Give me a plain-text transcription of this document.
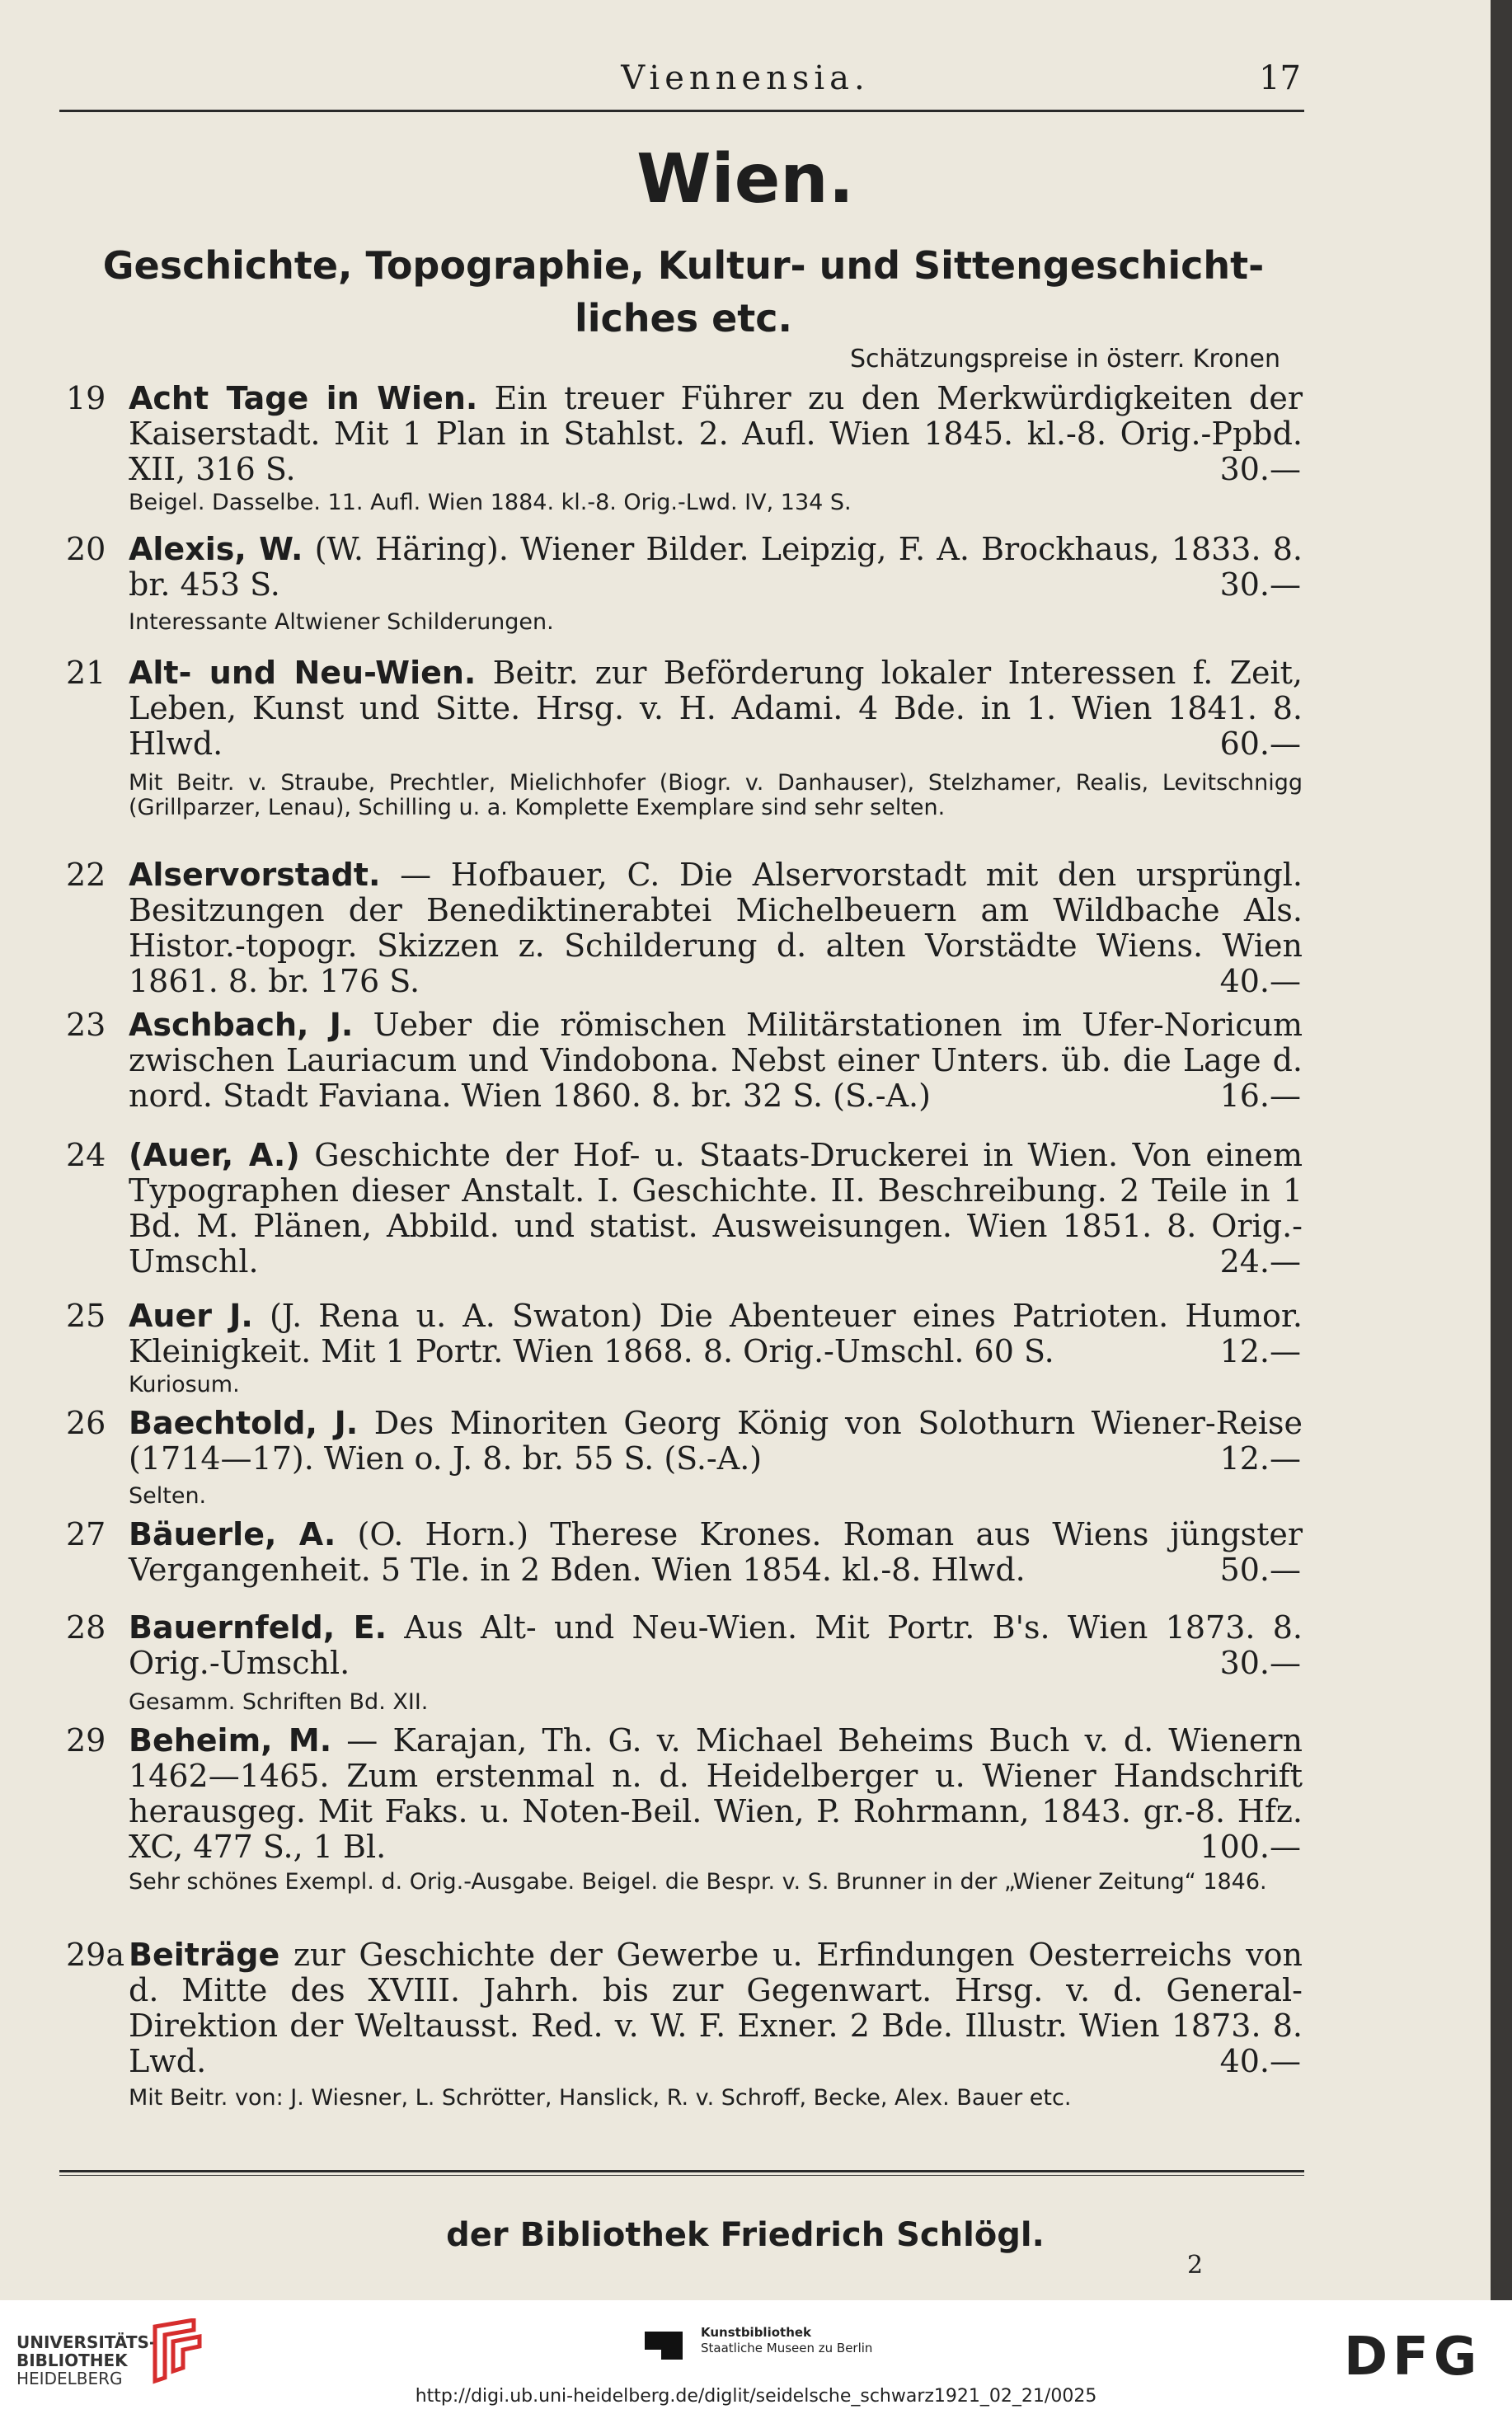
Viennensia.	17
Wien.
Geschichte, Topographie, Kultur- und Sittengeschicht-liches etc.
Schätzungspreise in österr. Kronen
19 Acht Tage in Wien. Ein treuer Führer zu den Merkwürdigkeiten der Kaiserstadt. Mit 1 Plan in Stahlst. 2. Aufl. Wien 1845. kl.-8. Orig.-Ppbd. XII, 316 S.	30.—
Beigel. Dasselbe. 11. Aufl. Wien 1884. kl.-8. Orig.-Lwd. IV, 134 S.
20 Alexis, W. (W. Häring). Wiener Bilder. Leipzig, F. A. Brockhaus, 1833. 8. br. 453 S.	30.—
Interessante Altwiener Schilderungen.
21 Alt- und Neu-Wien. Beitr. zur Beförderung lokaler Interessen f. Zeit, Leben, Kunst und Sitte. Hrsg. v. H. Adami. 4 Bde. in 1. Wien 1841. 8. Hlwd.	60.—
Mit Beitr. v. Straube, Prechtler, Mielichhofer (Biogr. v. Danhauser), Stelzhamer, Realis, Levitschnigg (Grillparzer, Lenau), Schilling u. a. Komplette Exemplare sind sehr selten.
22 Alservorstadt. — Hofbauer, C. Die Alservorstadt mit den ursprüngl. Besitzungen der Benediktinerabtei Michelbeuern am Wildbache Als. Histor.-topogr. Skizzen z. Schilderung d. alten Vorstädte Wiens. Wien 1861. 8. br. 176 S.	40.—
23 Aschbach, J. Ueber die römischen Militärstationen im Ufer-Noricum zwischen Lauriacum und Vindobona. Nebst einer Unters. üb. die Lage d. nord. Stadt Faviana. Wien 1860. 8. br. 32 S. (S.-A.)	16.—
24 (Auer, A.) Geschichte der Hof- u. Staats-Druckerei in Wien. Von einem Typographen dieser Anstalt. I. Geschichte. II. Beschreibung. 2 Teile in 1 Bd. M. Plänen, Abbild. und statist. Ausweisungen. Wien 1851. 8. Orig.-Umschl.	24.—
25 Auer J. (J. Rena u. A. Swaton) Die Abenteuer eines Patrioten. Humor. Kleinigkeit. Mit 1 Portr. Wien 1868. 8. Orig.-Umschl. 60 S.	12.—
Kuriosum.
26 Baechtold, J. Des Minoriten Georg König von Solothurn Wiener-Reise (1714—17). Wien o. J. 8. br. 55 S. (S.-A.)	12.—
Selten.
27 Bäuerle, A. (O. Horn.) Therese Krones. Roman aus Wiens jüngster Vergangenheit. 5 Tle. in 2 Bden. Wien 1854. kl.-8. Hlwd.	50.—
28 Bauernfeld, E. Aus Alt- und Neu-Wien. Mit Portr. B's. Wien 1873. 8. Orig.-Umschl.	30.—
Gesamm. Schriften Bd. XII.
29 Beheim, M. — Karajan, Th. G. v. Michael Beheims Buch v. d. Wienern 1462—1465. Zum erstenmal n. d. Heidelberger u. Wiener Handschrift herausgeg. Mit Faks. u. Noten-Beil. Wien, P. Rohrmann, 1843. gr.-8. Hfz. XC, 477 S., 1 Bl.	100.—
Sehr schönes Exempl. d. Orig.-Ausgabe. Beigel. die Bespr. v. S. Brunner in der „Wiener Zeitung“ 1846.
29a Beiträge zur Geschichte der Gewerbe u. Erfindungen Oesterreichs von d. Mitte des XVIII. Jahrh. bis zur Gegenwart. Hrsg. v. d. General-Direktion der Weltausst. Red. v. W. F. Exner. 2 Bde. Illustr. Wien 1873. 8. Lwd.	40.—
Mit Beitr. von: J. Wiesner, L. Schrötter, Hanslick, R. v. Schroff, Becke, Alex. Bauer etc.
der Bibliothek Friedrich Schlögl.
2
UNIVERSITÄTS-
BIBLIOTHEK
HEIDELBERG
Kunstbibliothek
Staatliche Museen zu Berlin	DFG
http://digi.ub.uni-heidelberg.de/diglit/seidelsche_schwarz1921_02_21/0025
